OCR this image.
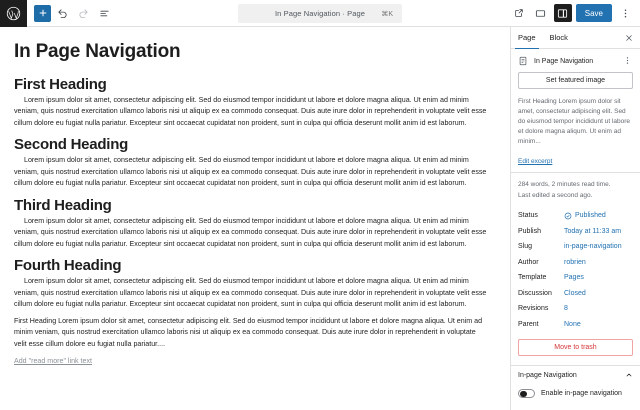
In Page Navigation · Page ⌘K	Save
In Page Navigation
First Heading
Lorem ipsum dolor sit amet, consectetur adipiscing elit. Sed do eiusmod tempor incididunt ut labore et dolore magna aliqua. Ut enim ad minim veniam, quis nostrud exercitation ullamco laboris nisi ut aliquip ex ea commodo consequat. Duis aute irure dolor in reprehenderit in voluptate velit esse cillum dolore eu fugiat nulla pariatur. Excepteur sint occaecat cupidatat non proident, sunt in culpa qui officia deserunt mollit anim id est laborum.
Second Heading
Lorem ipsum dolor sit amet, consectetur adipiscing elit. Sed do eiusmod tempor incididunt ut labore et dolore magna aliqua. Ut enim ad minim veniam, quis nostrud exercitation ullamco laboris nisi ut aliquip ex ea commodo consequat. Duis aute irure dolor in reprehenderit in voluptate velit esse cillum dolore eu fugiat nulla pariatur. Excepteur sint occaecat cupidatat non proident, sunt in culpa qui officia deserunt mollit anim id est laborum.
Third Heading
Lorem ipsum dolor sit amet, consectetur adipiscing elit. Sed do eiusmod tempor incididunt ut labore et dolore magna aliqua. Ut enim ad minim veniam, quis nostrud exercitation ullamco laboris nisi ut aliquip ex ea commodo consequat. Duis aute irure dolor in reprehenderit in voluptate velit esse cillum dolore eu fugiat nulla pariatur. Excepteur sint occaecat cupidatat non proident, sunt in culpa qui officia deserunt mollit anim id est laborum.
Fourth Heading
Lorem ipsum dolor sit amet, consectetur adipiscing elit. Sed do eiusmod tempor incididunt ut labore et dolore magna aliqua. Ut enim ad minim veniam, quis nostrud exercitation ullamco laboris nisi ut aliquip ex ea commodo consequat. Duis aute irure dolor in reprehenderit in voluptate velit esse cillum dolore eu fugiat nulla pariatur. Excepteur sint occaecat cupidatat non proident, sunt in culpa qui officia deserunt mollit anim id est laborum.
First Heading Lorem ipsum dolor sit amet, consectetur adipiscing elit. Sed do eiusmod tempor incididunt ut labore et dolore magna aliqua. Ut enim ad minim veniam, quis nostrud exercitation ullamco laboris nisi ut aliquip ex ea commodo consequat. Duis aute irure dolor in reprehenderit in voluptate velit esse cillum dolore eu fugiat nulla pariatur....
Add "read more" link text
Page	Block
In Page Navigation
Set featured image
First Heading Lorem ipsum dolor sit amet, consectetur adipiscing elit. Sed do eiusmod tempor incididunt ut labore et dolore magna aliqum. Ut enim ad minim...
Edit excerpt
284 words, 2 minutes read time.
Last edited a second ago.
Status	Published
Publish	Today at 11:33 am
Slug	in-page-navigation
Author	robrien
Template	Pages
Discussion	Closed
Revisions	8
Parent	None
Move to trash
In-page Navigation
Enable in-page navigation
